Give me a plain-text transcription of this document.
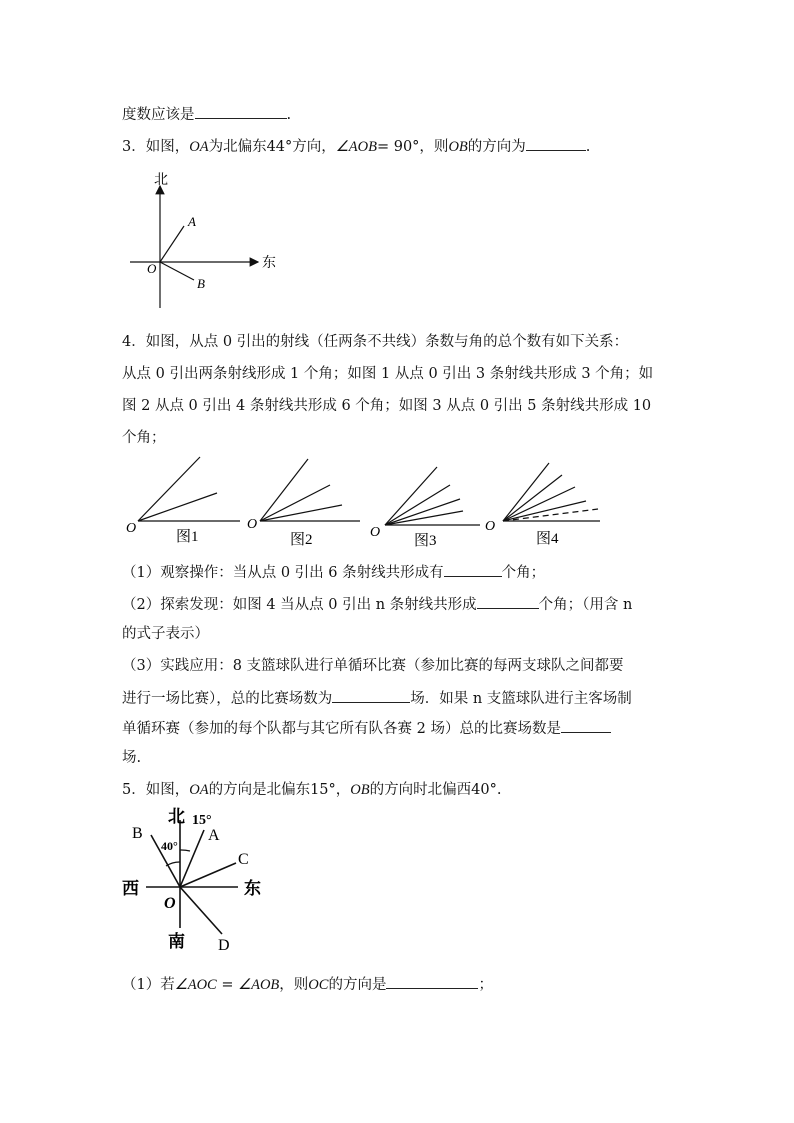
度数应该是	.
3．如图，OA为北偏东44°方向，∠AOB= 90°，则OB的方向为	.
北
东
A
B
O
4．如图，从点 0 引出的射线（任两条不共线）条数与角的总个数有如下关系：
从点 0 引出两条射线形成 1 个角；如图 1 从点 0 引出 3 条射线共形成 3 个角；如
图 2 从点 0 引出 4 条射线共形成 6 个角；如图 3 从点 0 引出 5 条射线共形成 10
个角；
O
图1
O
图2	O
图3
O
图4
（1）观察操作：当从点 0 引出 6 条射线共形成有	个角；
（2）探索发现：如图 4 当从点 0 引出 n 条射线共形成	个角；（用含 n
的式子表示）
（3）实践应用：8 支篮球队进行单循环比赛（参加比赛的每两支球队之间都要
进行一场比赛），总的比赛场数为	场．如果 n 支篮球队进行主客场制
单循环赛（参加的每个队都与其它所有队各赛 2 场）总的比赛场数是
场.
5．如图，OA的方向是北偏东15°，OB的方向时北偏西40°.
北 15°
A
B
40°
C
西	东
O
南 D
（1）若∠AOC = ∠AOB，则OC的方向是	；
